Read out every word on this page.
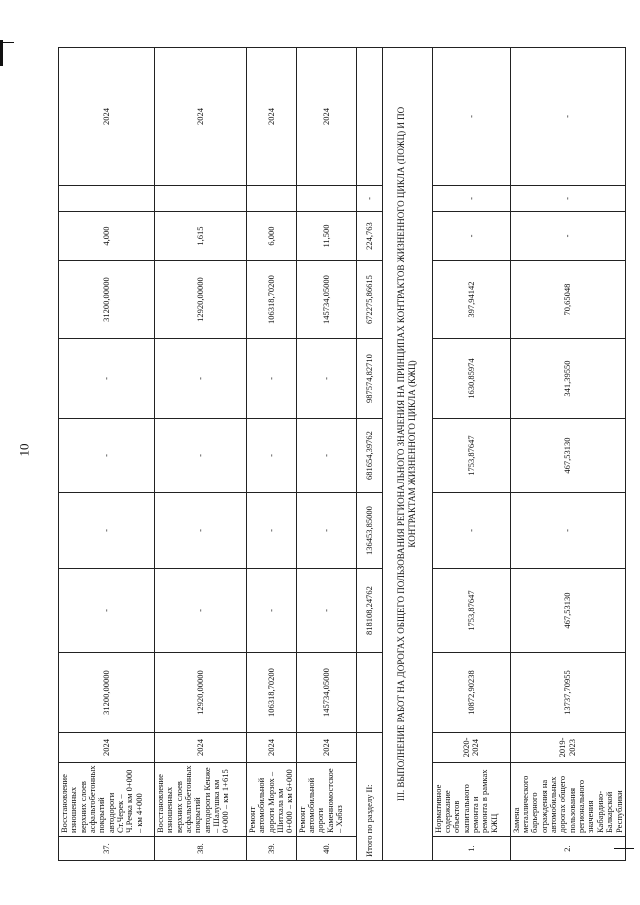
10
37.	Восстановление изношенных верхних слоев асфальтобетонных покрытий автодороги Ст.Черек – Ч.Речка км 0+000 – км 4+000	2024	31200,00000	-	-	-	-	31200,00000	4,000		2024
38.	Восстановление изношенных верхних слоев асфальтобетонных покрытий автодороги Кенже – Шалушка км 0+000 – км 1+615	2024	12920,00000	-	-	-	-	12920,00000	1,615		2024
39.	Ремонт автомобильной дороги Морзох – Шитхала км 0+000 – км 6+000	2024	106318,70200	-	-	-	-	106318,70200	6,000		2024
40.	Ремонт автомобильной дороги Каменномостское – Хабаз	2024	145734,05000	-	-	-	-	145734,05000	11,500		2024
Итого по разделу II:				818108,24762	136453,85000	681654,39762	987574,82710	672275,86615	224,763	-	
III. ВЫПОЛНЕНИЕ РАБОТ НА ДОРОГАХ ОБЩЕГО ПОЛЬЗОВАНИЯ РЕГИОНАЛЬНОГО ЗНАЧЕНИЯ НА ПРИНЦИПАХ КОНТРАКТОВ ЖИЗНЕННОГО ЦИКЛА (ПОЖЦ) И ПО КОНТРАКТАМ ЖИЗНЕННОГО ЦИКЛА (КЖЦ)											
1.	Нормативное содержание объектов капитального ремонта и ремонта в рамках КЖЦ	2020-2024	10872,90238	1753,87647	-	1753,87647	1630,85974	397,94142	-	-	-
2.	Замена металлического барьерного ограждения на автомобильных дорогах общего пользования регионального значения Кабардино-Балкарской Республики	2019-2023	13737,70955	467,53130	-	467,53130	341,39550	70,65048	-	-	-
